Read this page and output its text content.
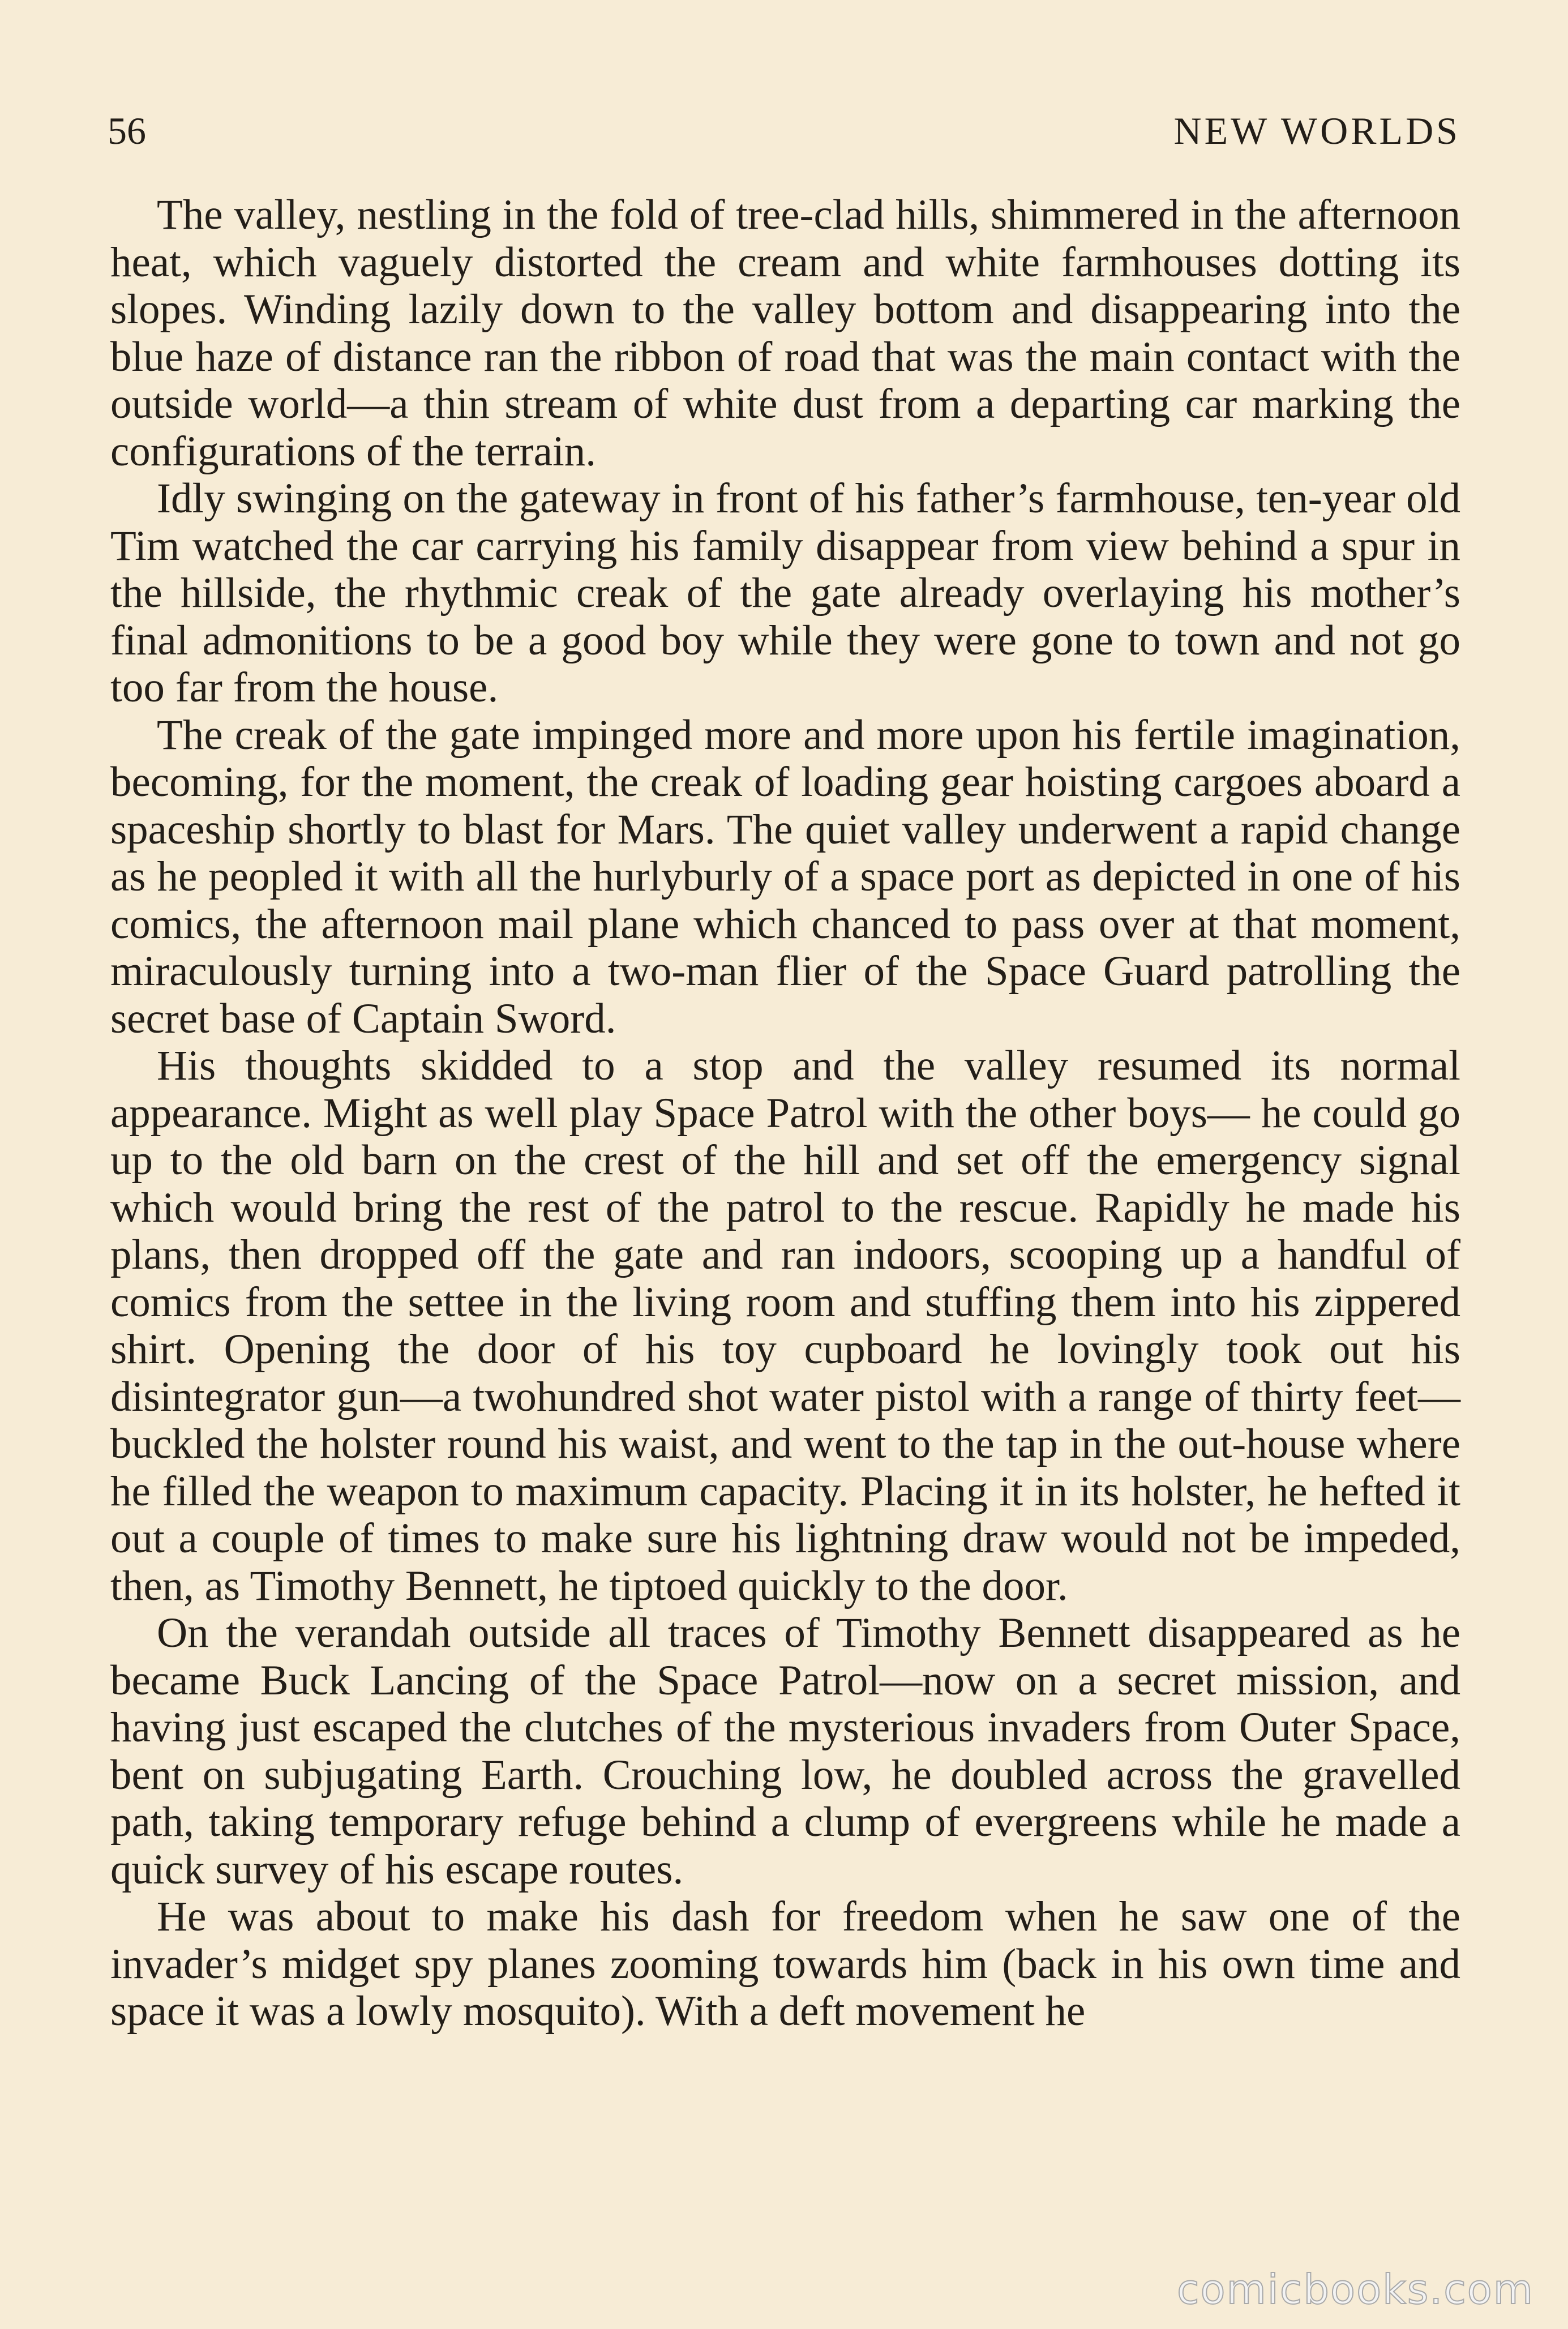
56	NEW WORLDS

The valley, nestling in the fold of tree-clad hills, shimmered in the afternoon heat, which vaguely distorted the cream and white farmhouses dotting its slopes. Winding lazily down to the valley bottom and disappearing into the blue haze of distance ran the ribbon of road that was the main contact with the outside world—a thin stream of white dust from a departing car marking the configurations of the terrain.

Idly swinging on the gateway in front of his father’s farmhouse, ten-year old Tim watched the car carrying his family disappear from view behind a spur in the hillside, the rhythmic creak of the gate already overlaying his mother’s final admonitions to be a good boy while they were gone to town and not go too far from the house.

The creak of the gate impinged more and more upon his fertile imagination, becoming, for the moment, the creak of loading gear hoisting cargoes aboard a spaceship shortly to blast for Mars. The quiet valley underwent a rapid change as he peopled it with all the hurlyburly of a space port as depicted in one of his comics, the afternoon mail plane which chanced to pass over at that moment, miraculously turning into a two-man flier of the Space Guard patrolling the secret base of Captain Sword.

His thoughts skidded to a stop and the valley resumed its normal appearance. Might as well play Space Patrol with the other boys— he could go up to the old barn on the crest of the hill and set off the emergency signal which would bring the rest of the patrol to the rescue. Rapidly he made his plans, then dropped off the gate and ran indoors, scooping up a handful of comics from the settee in the living room and stuffing them into his zippered shirt. Opening the door of his toy cupboard he lovingly took out his disintegrator gun—a twohundred shot water pistol with a range of thirty feet—buckled the holster round his waist, and went to the tap in the out-house where he filled the weapon to maximum capacity. Placing it in its holster, he hefted it out a couple of times to make sure his lightning draw would not be impeded, then, as Timothy Bennett, he tiptoed quickly to the door.

On the verandah outside all traces of Timothy Bennett disappeared as he became Buck Lancing of the Space Patrol—now on a secret mission, and having just escaped the clutches of the mysterious invaders from Outer Space, bent on subjugating Earth. Crouching low, he doubled across the gravelled path, taking temporary refuge behind a clump of evergreens while he made a quick survey of his escape routes.

He was about to make his dash for freedom when he saw one of the invader’s midget spy planes zooming towards him (back in his own time and space it was a lowly mosquito). With a deft movement he

comicbooks.com
